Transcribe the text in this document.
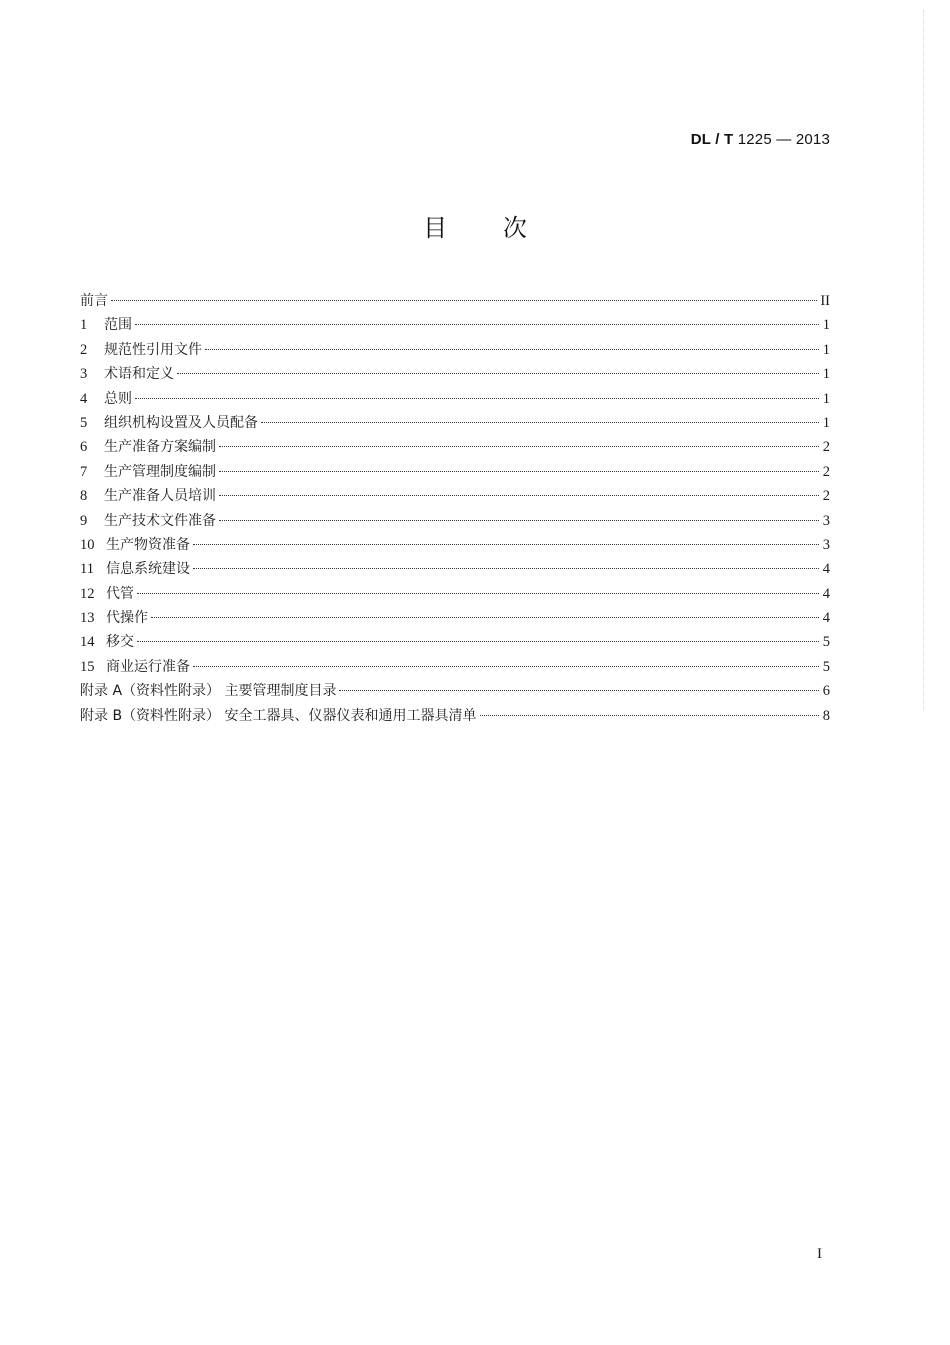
DL / T 1225 — 2013
目 次
前言	II
1	范围	1
2	规范性引用文件	1
3	术语和定义	1
4	总则	1
5	组织机构设置及人员配备	1
6	生产准备方案编制	2
7	生产管理制度编制	2
8	生产准备人员培训	2
9	生产技术文件准备	3
10 生产物资准备	3
11 信息系统建设	4
12 代管	4
13 代操作	4
14 移交	5
15 商业运行准备	5
附录 A（资料性附录） 主要管理制度目录	6
附录 B（资料性附录） 安全工器具、仪器仪表和通用工器具清单	8
I
